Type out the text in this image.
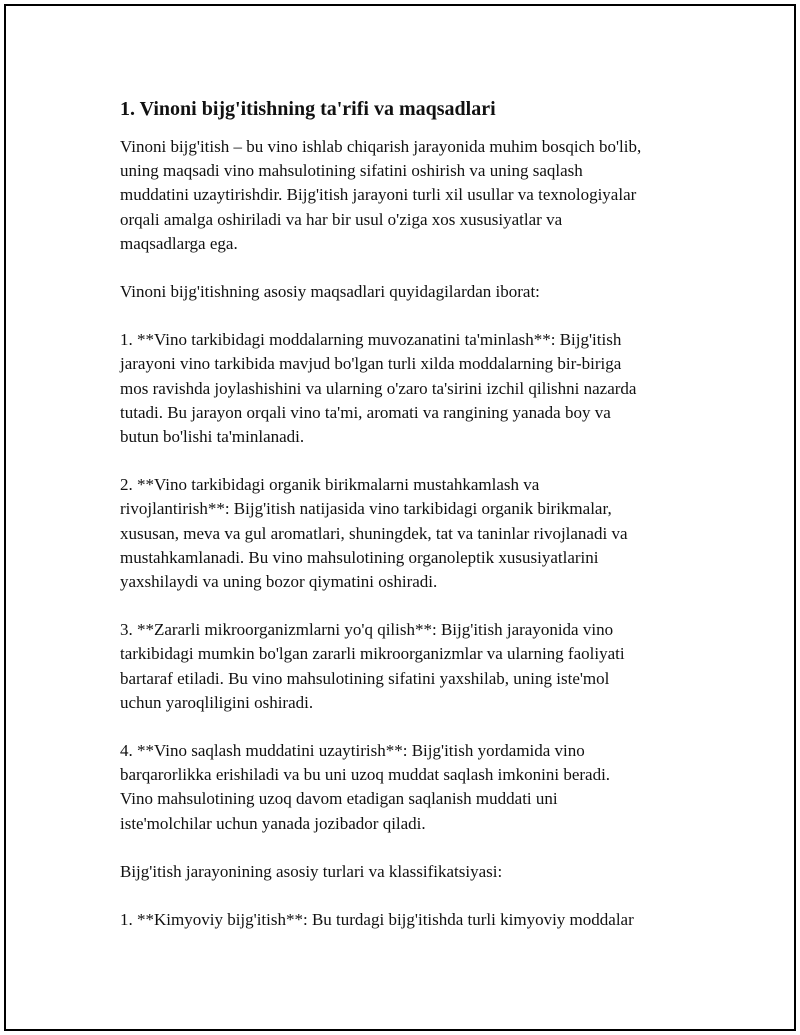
1. Vinoni bijg'itishning ta'rifi va maqsadlari

Vinoni bijg'itish – bu vino ishlab chiqarish jarayonida muhim bosqich bo'lib,
uning maqsadi vino mahsulotining sifatini oshirish va uning saqlash
muddatini uzaytirishdir. Bijg'itish jarayoni turli xil usullar va texnologiyalar
orqali amalga oshiriladi va har bir usul o'ziga xos xususiyatlar va
maqsadlarga ega.

Vinoni bijg'itishning asosiy maqsadlari quyidagilardan iborat:

1. **Vino tarkibidagi moddalarning muvozanatini ta'minlash**: Bijg'itish
jarayoni vino tarkibida mavjud bo'lgan turli xilda moddalarning bir-biriga
mos ravishda joylashishini va ularning o'zaro ta'sirini izchil qilishni nazarda
tutadi. Bu jarayon orqali vino ta'mi, aromati va rangining yanada boy va
butun bo'lishi ta'minlanadi.

2. **Vino tarkibidagi organik birikmalarni mustahkamlash va
rivojlantirish**: Bijg'itish natijasida vino tarkibidagi organik birikmalar,
xususan, meva va gul aromatlari, shuningdek, tat va taninlar rivojlanadi va
mustahkamlanadi. Bu vino mahsulotining organoleptik xususiyatlarini
yaxshilaydi va uning bozor qiymatini oshiradi.

3. **Zararli mikroorganizmlarni yo'q qilish**: Bijg'itish jarayonida vino
tarkibidagi mumkin bo'lgan zararli mikroorganizmlar va ularning faoliyati
bartaraf etiladi. Bu vino mahsulotining sifatini yaxshilab, uning iste'mol
uchun yaroqliligini oshiradi.

4. **Vino saqlash muddatini uzaytirish**: Bijg'itish yordamida vino
barqarorlikka erishiladi va bu uni uzoq muddat saqlash imkonini beradi.
Vino mahsulotining uzoq davom etadigan saqlanish muddati uni
iste'molchilar uchun yanada jozibador qiladi.

Bijg'itish jarayonining asosiy turlari va klassifikatsiyasi:

1. **Kimyoviy bijg'itish**: Bu turdagi bijg'itishda turli kimyoviy moddalar
